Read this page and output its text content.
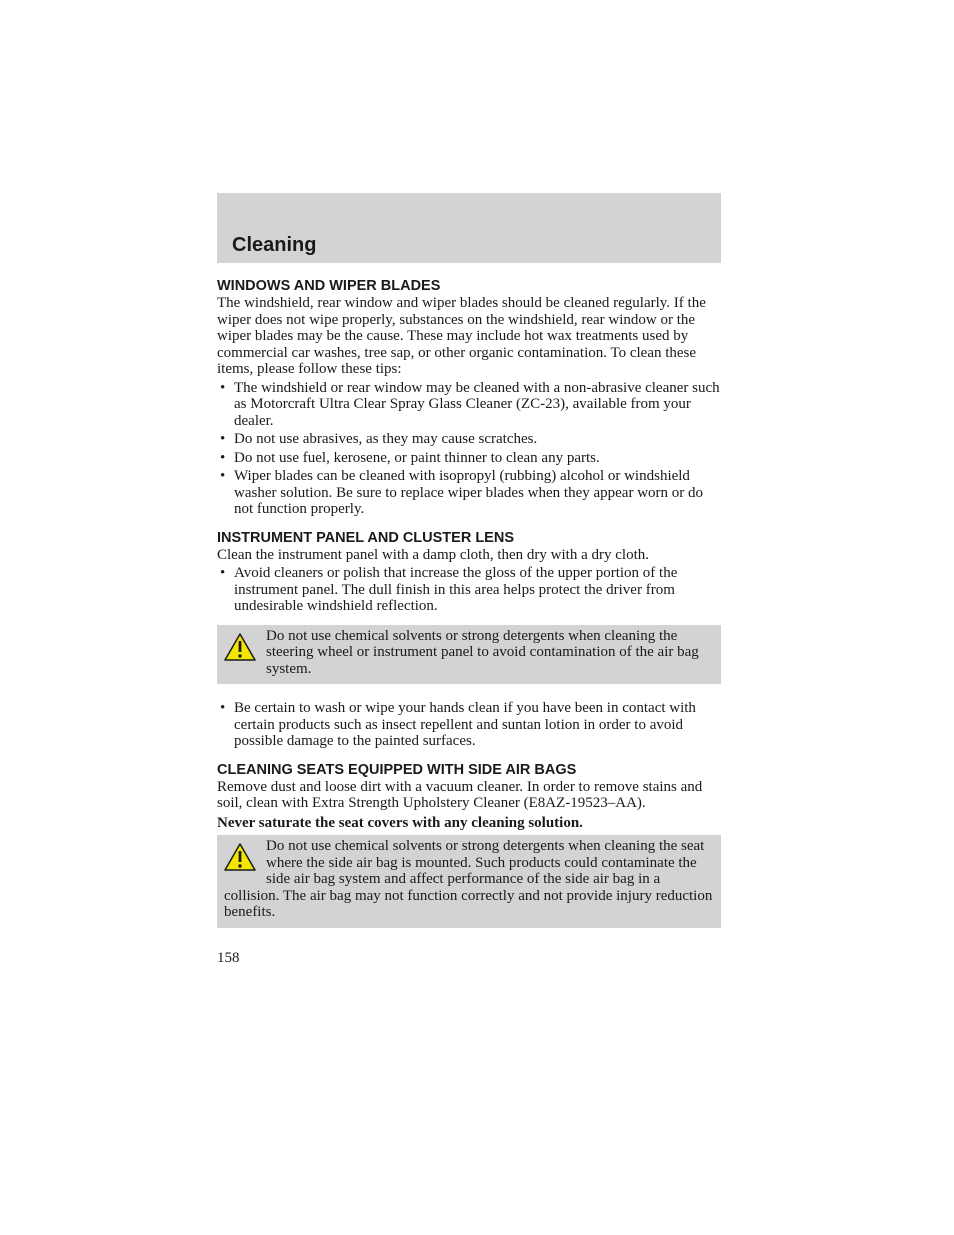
Cleaning
WINDOWS AND WIPER BLADES

The windshield, rear window and wiper blades should be cleaned regularly. If the wiper does not wipe properly, substances on the windshield, rear window or the wiper blades may be the cause. These may include hot wax treatments used by commercial car washes, tree sap, or other organic contamination. To clean these items, please follow these tips:

• The windshield or rear window may be cleaned with a non-abrasive cleaner such as Motorcraft Ultra Clear Spray Glass Cleaner (ZC-23), available from your dealer.
• Do not use abrasives, as they may cause scratches.
• Do not use fuel, kerosene, or paint thinner to clean any parts.
• Wiper blades can be cleaned with isopropyl (rubbing) alcohol or windshield washer solution. Be sure to replace wiper blades when they appear worn or do not function properly.
INSTRUMENT PANEL AND CLUSTER LENS

Clean the instrument panel with a damp cloth, then dry with a dry cloth.

• Avoid cleaners or polish that increase the gloss of the upper portion of the instrument panel. The dull finish in this area helps protect the driver from undesirable windshield reflection.
Do not use chemical solvents or strong detergents when cleaning the steering wheel or instrument panel to avoid contamination of the air bag system.
• Be certain to wash or wipe your hands clean if you have been in contact with certain products such as insect repellent and suntan lotion in order to avoid possible damage to the painted surfaces.
CLEANING SEATS EQUIPPED WITH SIDE AIR BAGS

Remove dust and loose dirt with a vacuum cleaner. In order to remove stains and soil, clean with Extra Strength Upholstery Cleaner (E8AZ-19523–AA).

Never saturate the seat covers with any cleaning solution.

Do not use chemical solvents or strong detergents when cleaning the seat where the side air bag is mounted. Such products could contaminate the side air bag system and affect performance of the side air bag in a collision. The air bag may not function correctly and not provide injury reduction benefits.
158
